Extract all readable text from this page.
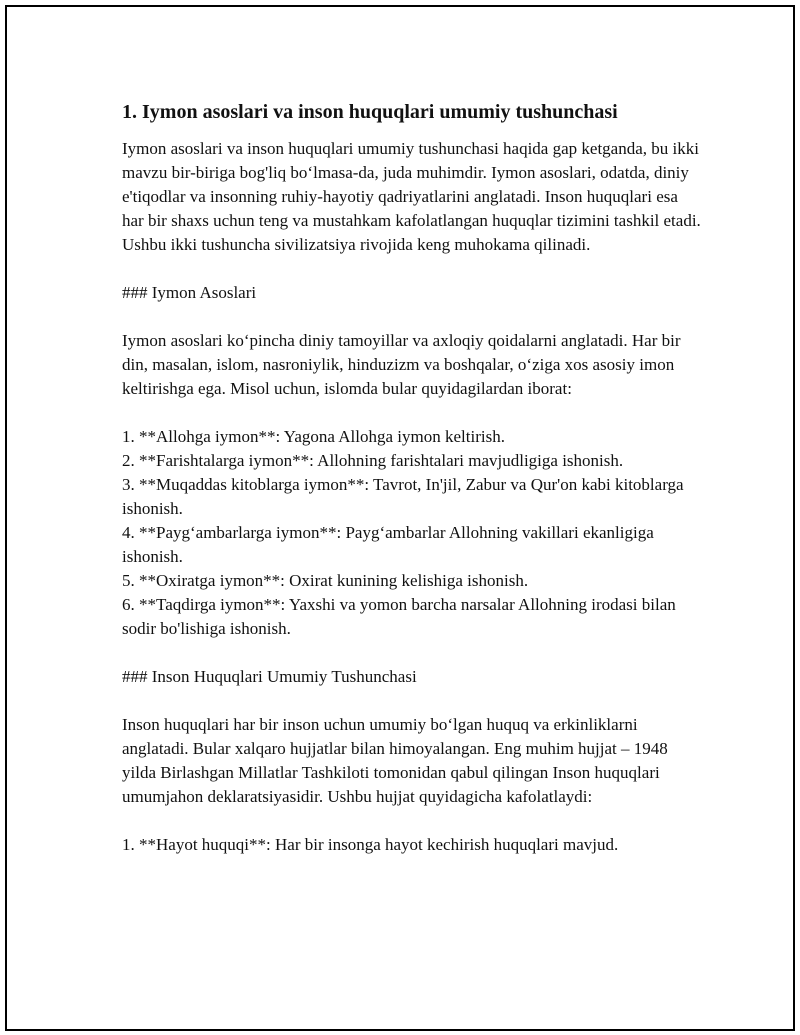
1. Iymon asoslari va inson huquqlari umumiy tushunchasi

Iymon asoslari va inson huquqlari umumiy tushunchasi haqida gap ketganda, bu ikki mavzu bir-biriga bog'liq bo‘lmasa-da, juda muhimdir. Iymon asoslari, odatda, diniy e'tiqodlar va insonning ruhiy-hayotiy qadriyatlarini anglatadi. Inson huquqlari esa har bir shaxs uchun teng va mustahkam kafolatlangan huquqlar tizimini tashkil etadi. Ushbu ikki tushuncha sivilizatsiya rivojida keng muhokama qilinadi.

### Iymon Asoslari

Iymon asoslari ko‘pincha diniy tamoyillar va axloqiy qoidalarni anglatadi. Har bir din, masalan, islom, nasroniylik, hinduzizm va boshqalar, o‘ziga xos asosiy imon keltirishga ega. Misol uchun, islomda bular quyidagilardan iborat:

1. **Allohga iymon**: Yagona Allohga iymon keltirish.
2. **Farishtalarga iymon**: Allohning farishtalari mavjudligiga ishonish.
3. **Muqaddas kitoblarga iymon**: Tavrot, In'jil, Zabur va Qur'on kabi kitoblarga ishonish.
4. **Payg‘ambarlarga iymon**: Payg‘ambarlar Allohning vakillari ekanligiga ishonish.
5. **Oxiratga iymon**: Oxirat kunining kelishiga ishonish.
6. **Taqdirga iymon**: Yaxshi va yomon barcha narsalar Allohning irodasi bilan sodir bo'lishiga ishonish.

### Inson Huquqlari Umumiy Tushunchasi

Inson huquqlari har bir inson uchun umumiy bo‘lgan huquq va erkinliklarni anglatadi. Bular xalqaro hujjatlar bilan himoyalangan. Eng muhim hujjat – 1948 yilda Birlashgan Millatlar Tashkiloti tomonidan qabul qilingan Inson huquqlari umumjahon deklaratsiyasidir. Ushbu hujjat quyidagicha kafolatlaydi:

1. **Hayot huquqi**: Har bir insonga hayot kechirish huquqlari mavjud.
